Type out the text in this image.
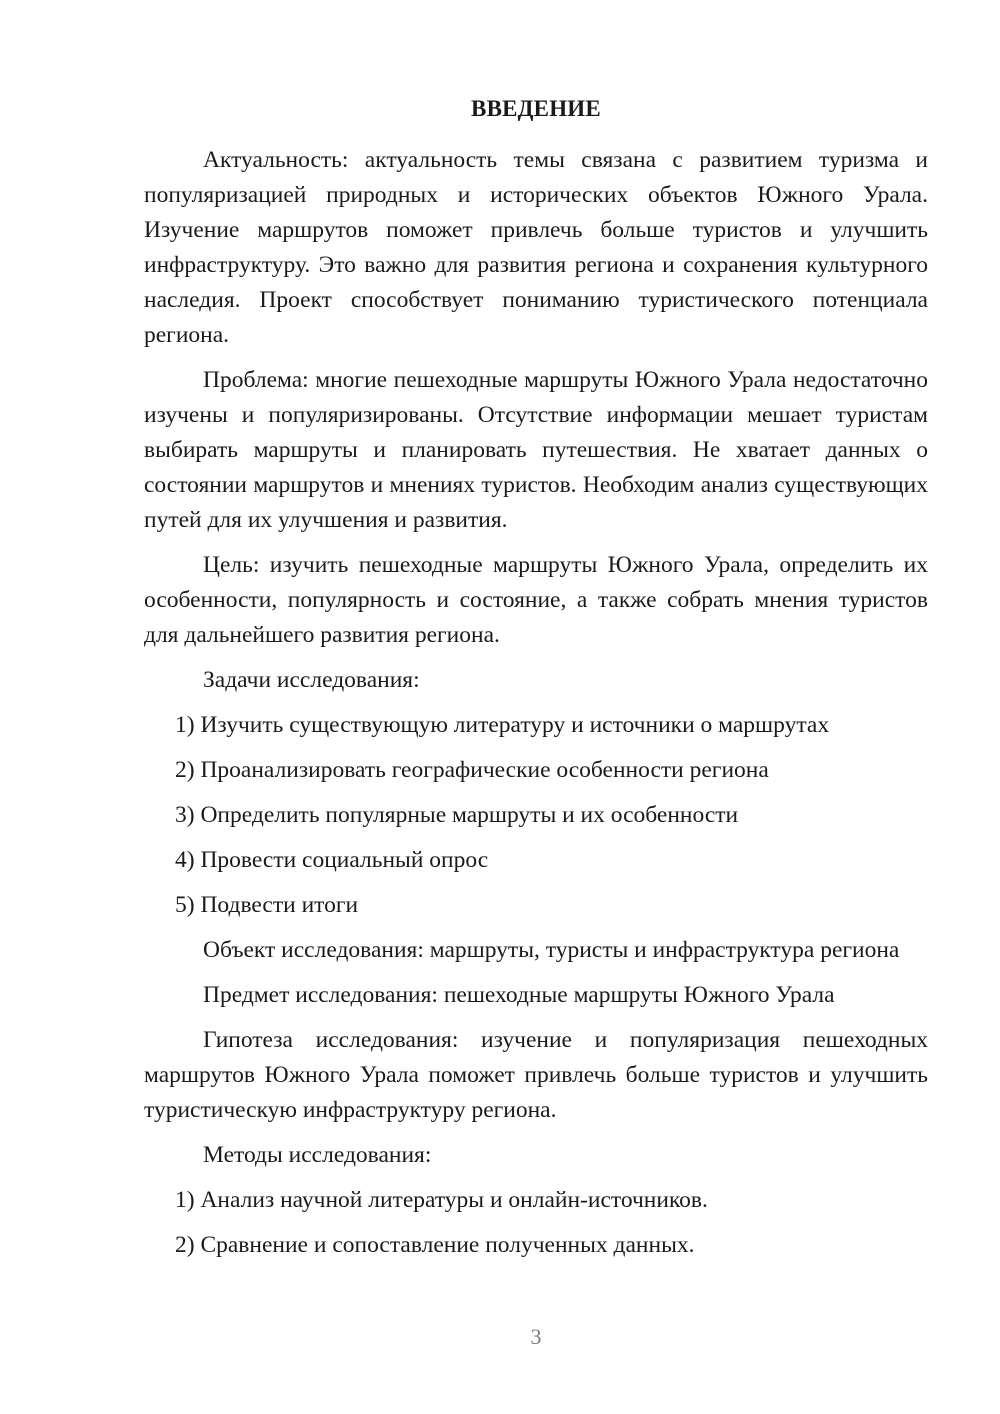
ВВЕДЕНИЕ

Актуальность: актуальность темы связана с развитием туризма и популяризацией природных и исторических объектов Южного Урала. Изучение маршрутов поможет привлечь больше туристов и улучшить инфраструктуру. Это важно для развития региона и сохранения культурного наследия. Проект способствует пониманию туристического потенциала региона.

Проблема: многие пешеходные маршруты Южного Урала недостаточно изучены и популяризированы. Отсутствие информации мешает туристам выбирать маршруты и планировать путешествия. Не хватает данных о состоянии маршрутов и мнениях туристов. Необходим анализ существующих путей для их улучшения и развития.

Цель: изучить пешеходные маршруты Южного Урала, определить их особенности, популярность и состояние, а также собрать мнения туристов для дальнейшего развития региона.

Задачи исследования:

1) Изучить существующую литературу и источники о маршрутах
2) Проанализировать географические особенности региона
3) Определить популярные маршруты и их особенности
4) Провести социальный опрос
5) Подвести итоги

Объект исследования: маршруты, туристы и инфраструктура региона

Предмет исследования: пешеходные маршруты Южного Урала

Гипотеза исследования: изучение и популяризация пешеходных маршрутов Южного Урала поможет привлечь больше туристов и улучшить туристическую инфраструктуру региона.

Методы исследования:

1) Анализ научной литературы и онлайн-источников.
2) Сравнение и сопоставление полученных данных.
3
